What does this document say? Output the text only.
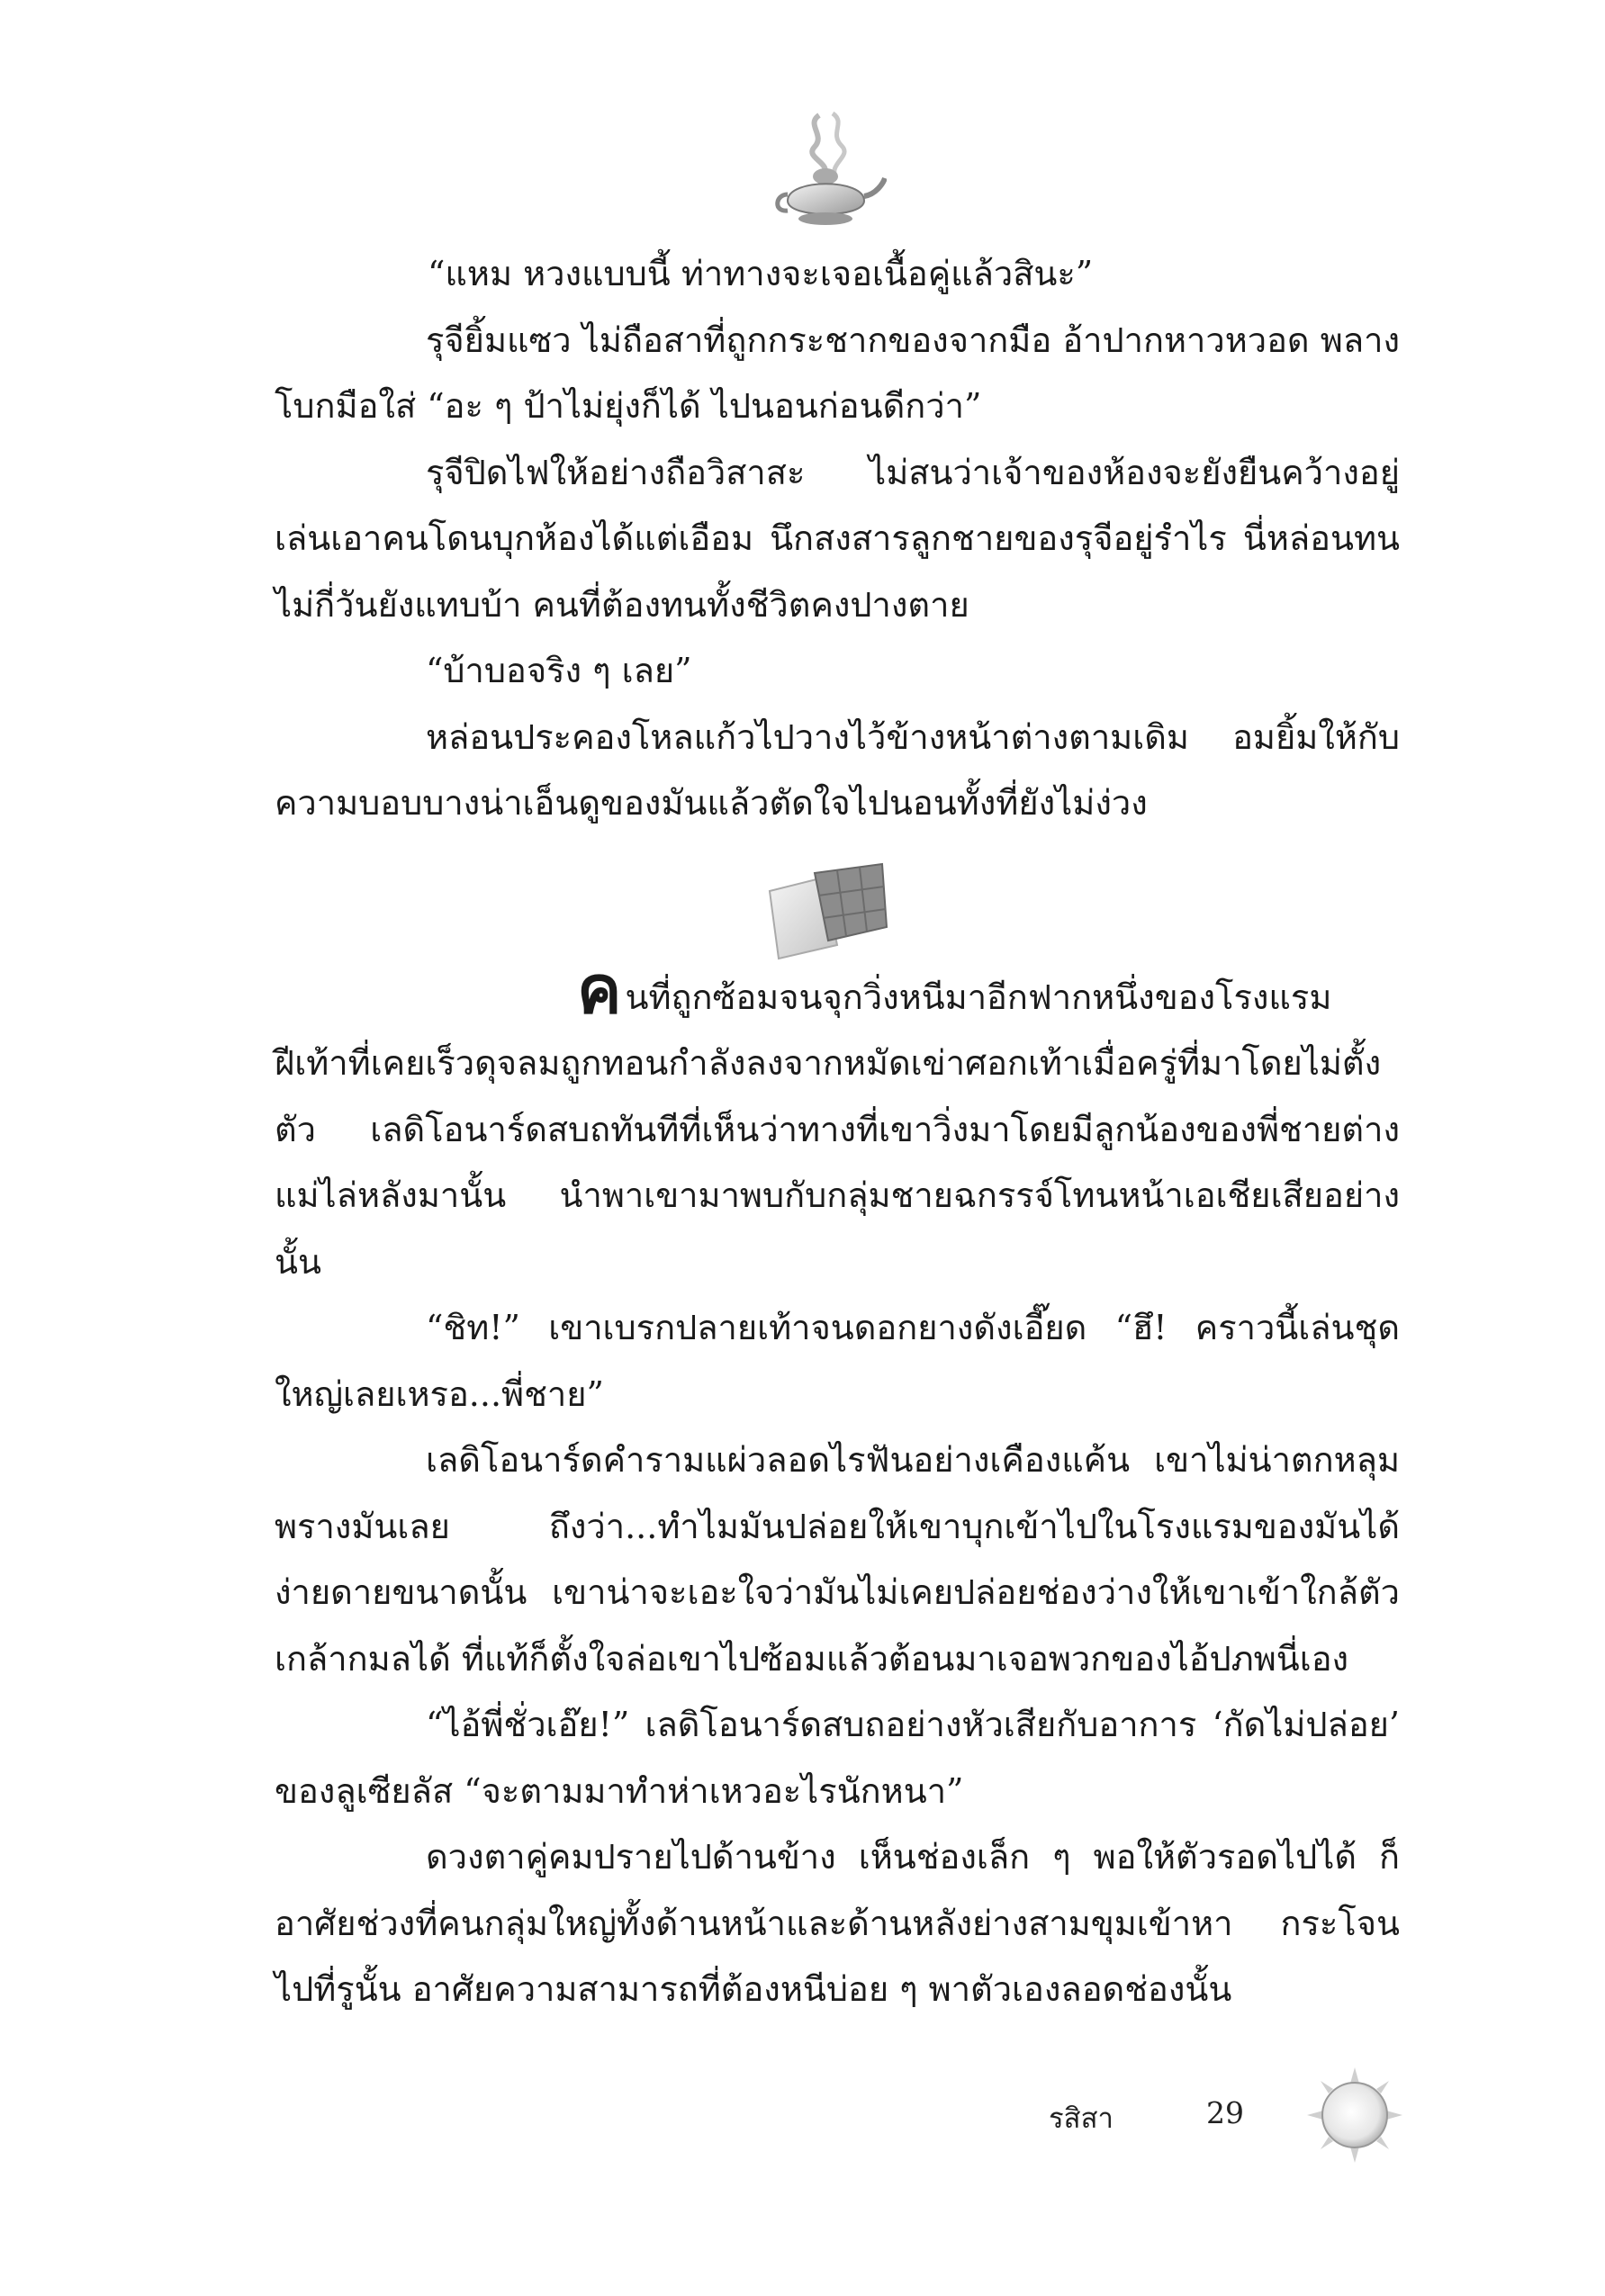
“แหม หวงแบบนี้ ท่าทางจะเจอเนื้อคู่แล้วสินะ”

รุจียิ้มแซว ไม่ถือสาที่ถูกกระชากของจากมือ อ้าปากหาวหวอด พลางโบกมือใส่ “อะ ๆ ป้าไม่ยุ่งก็ได้ ไปนอนก่อนดีกว่า”

รุจีปิดไฟให้อย่างถือวิสาสะ ไม่สนว่าเจ้าของห้องจะยังยืนคว้างอยู่ เล่นเอาคนโดนบุกห้องได้แต่เอือม นึกสงสารลูกชายของรุจีอยู่รำไร นี่หล่อนทนไม่กี่วันยังแทบบ้า คนที่ต้องทนทั้งชีวิตคงปางตาย

“บ้าบอจริง ๆ เลย”

หล่อนประคองโหลแก้วไปวางไว้ข้างหน้าต่างตามเดิม อมยิ้มให้กับความบอบบางน่าเอ็นดูของมันแล้วตัดใจไปนอนทั้งที่ยังไม่ง่วง

คนที่ถูกซ้อมจนจุกวิ่งหนีมาอีกฟากหนึ่งของโรงแรม ฝีเท้าที่เคยเร็วดุจลมถูกทอนกำลังลงจากหมัดเข่าศอกเท้าเมื่อครู่ที่มาโดยไม่ตั้งตัว เลดิโอนาร์ดสบถทันทีที่เห็นว่าทางที่เขาวิ่งมาโดยมีลูกน้องของพี่ชายต่างแม่ไล่หลังมานั้น นำพาเขามาพบกับกลุ่มชายฉกรรจ์โทนหน้าเอเชียเสียอย่างนั้น

“ชิท!” เขาเบรกปลายเท้าจนดอกยางดังเอี๊ยด “ฮึ! คราวนี้เล่นชุดใหญ่เลยเหรอ...พี่ชาย”

เลดิโอนาร์ดคำรามแผ่วลอดไรฟันอย่างเคืองแค้น เขาไม่น่าตกหลุมพรางมันเลย ถึงว่า...ทำไมมันปล่อยให้เขาบุกเข้าไปในโรงแรมของมันได้ง่ายดายขนาดนั้น เขาน่าจะเอะใจว่ามันไม่เคยปล่อยช่องว่างให้เขาเข้าใกล้ตัวเกล้ากมลได้ ที่แท้ก็ตั้งใจล่อเขาไปซ้อมแล้วต้อนมาเจอพวกของไอ้ปภพนี่เอง

“ไอ้พี่ชั่วเอ๊ย!” เลดิโอนาร์ดสบถอย่างหัวเสียกับอาการ ‘กัดไม่ปล่อย’ ของลูเซียลัส “จะตามมาทำห่าเหวอะไรนักหนา”

ดวงตาคู่คมปรายไปด้านข้าง เห็นช่องเล็ก ๆ พอให้ตัวรอดไปได้ ก็อาศัยช่วงที่คนกลุ่มใหญ่ทั้งด้านหน้าและด้านหลังย่างสามขุมเข้าหา กระโจนไปที่รูนั้น อาศัยความสามารถที่ต้องหนีบ่อย ๆ พาตัวเองลอดช่องนั้น

รสิสา	29
